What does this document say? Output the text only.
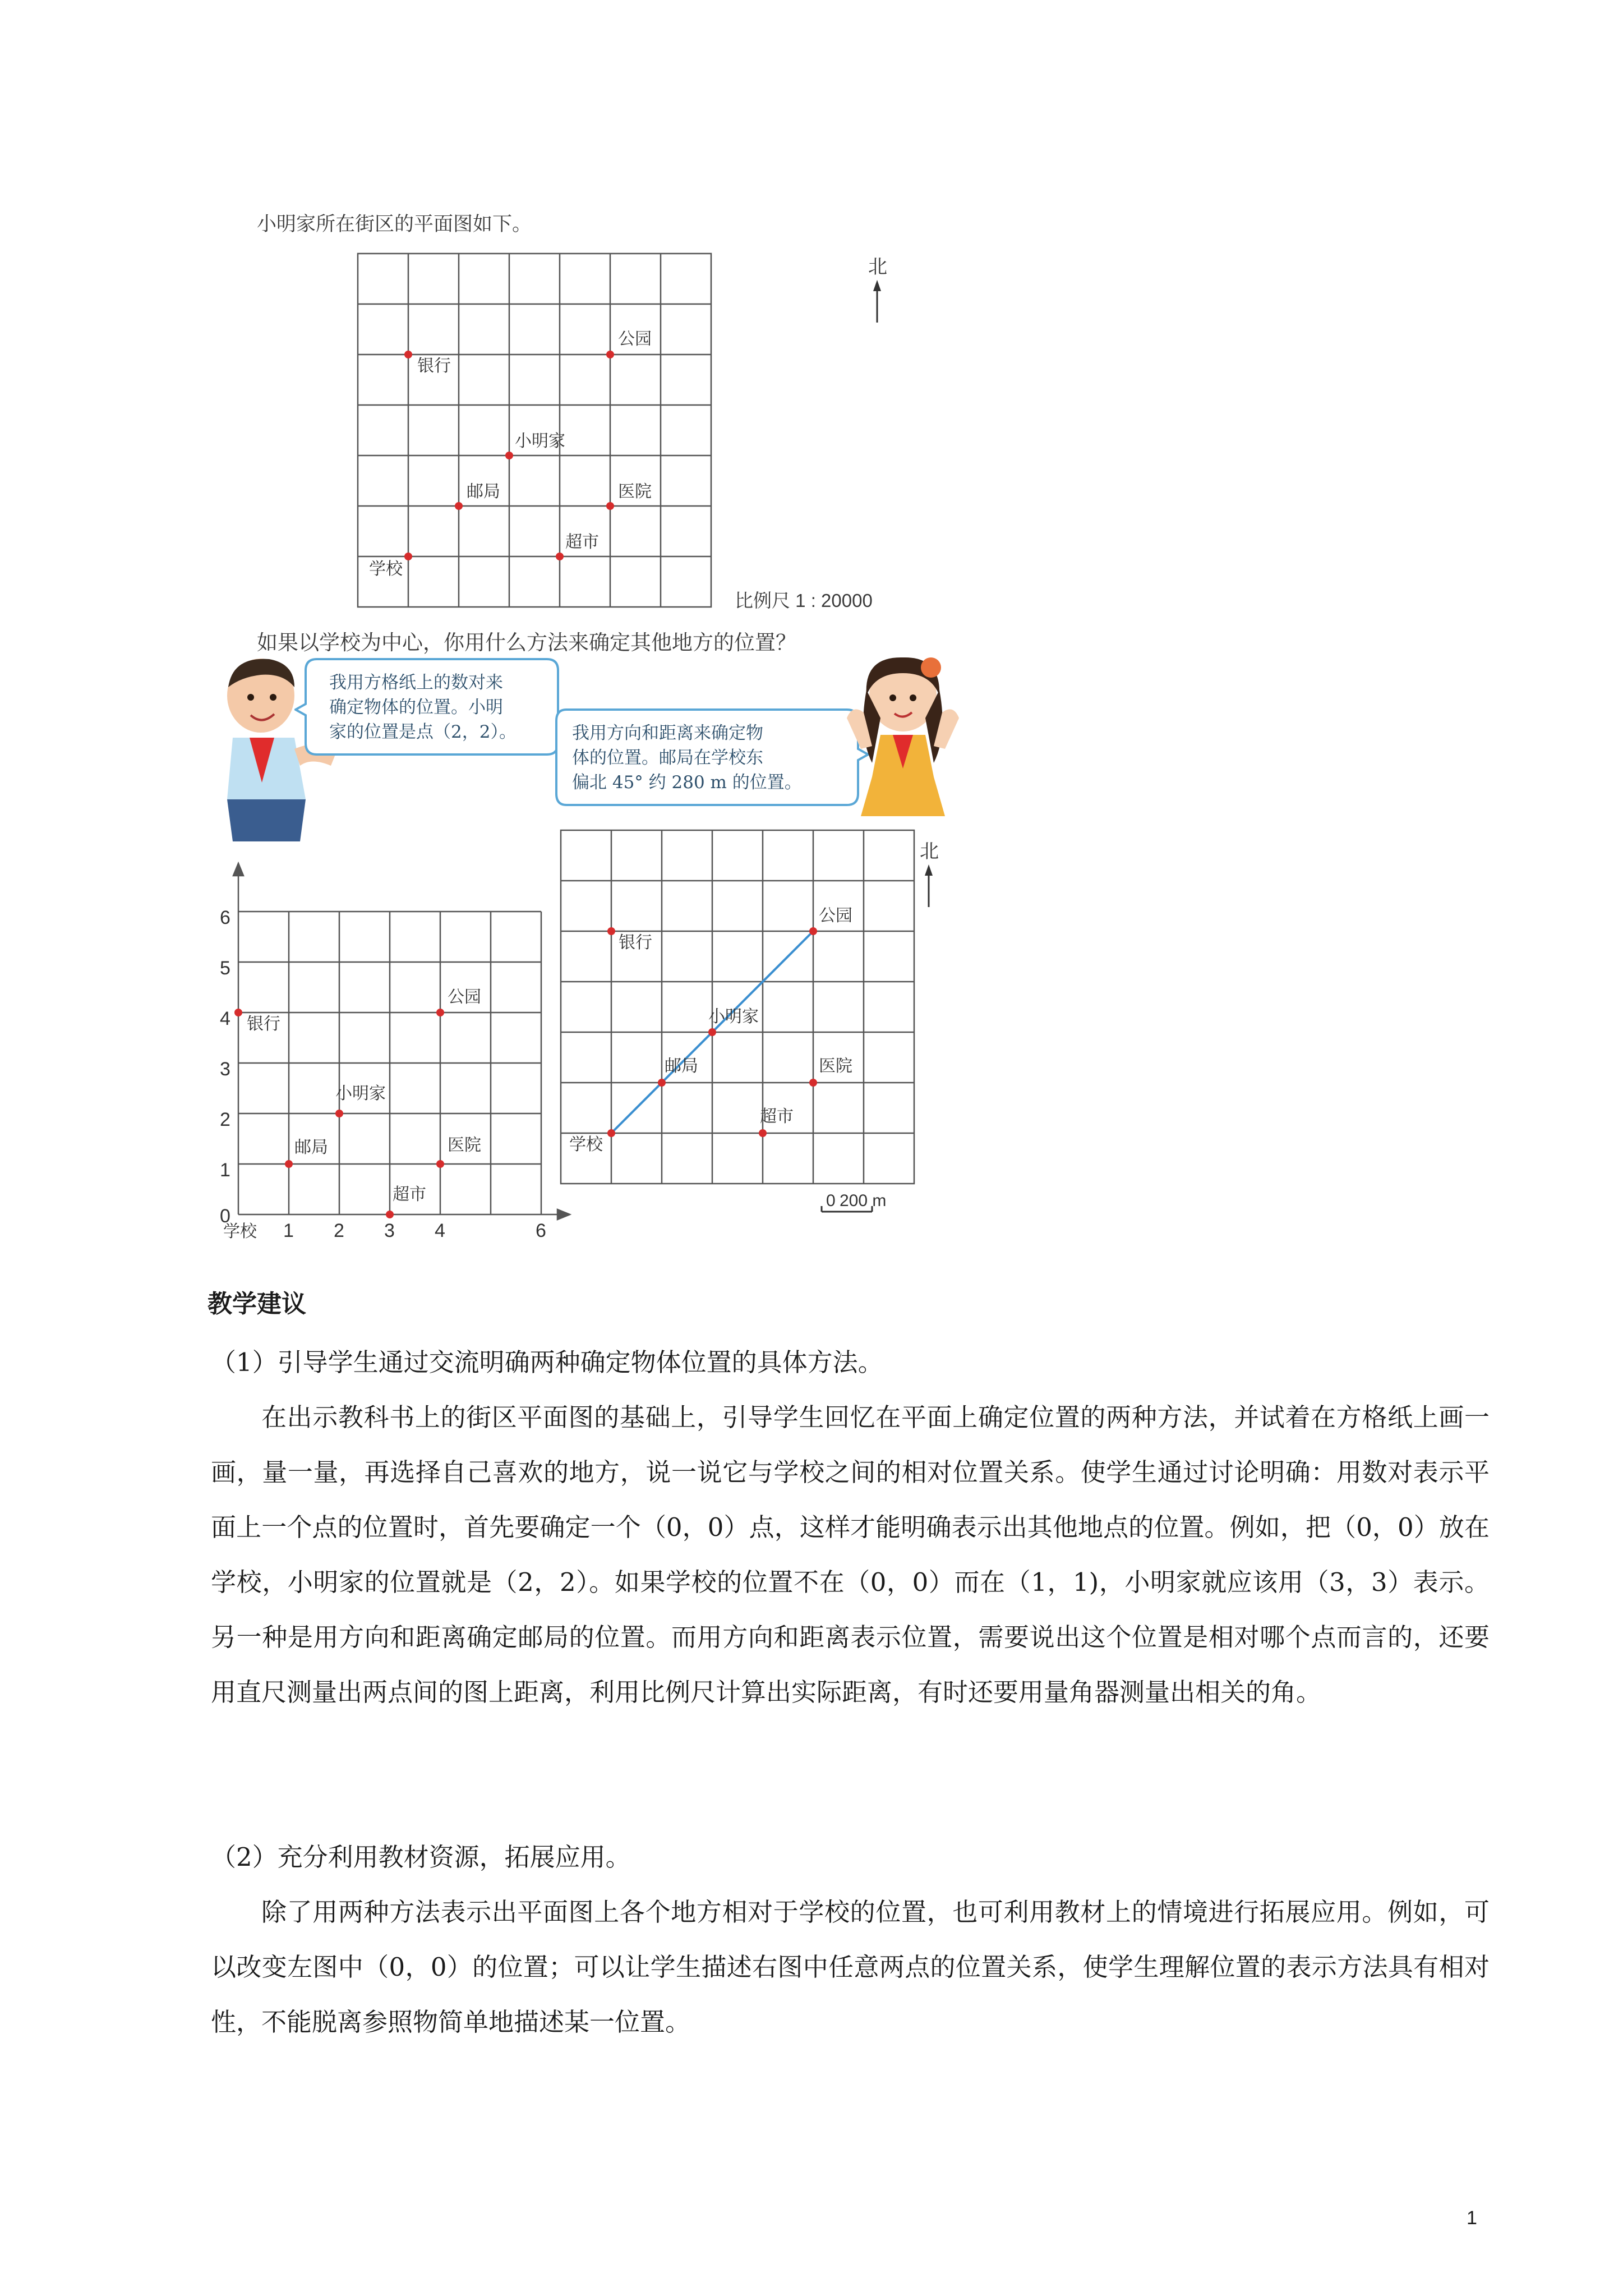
小明家所在街区的平面图如下。
银行
公园
小明家
邮局	医院
超市
学校
北
比例尺 1 : 20000
如果以学校为中心，你用什么方法来确定其他地方的位置？
我用方格纸上的数对来
确定物体的位置。小明
家的位置是点（2，2）。	我用方向和距离来确定物
体的位置。邮局在学校东
偏北 45° 约 280 m 的位置。
6
5
4
3
2
1
0
1 2 3 4	6
银行
公园
小明家
邮局	医院
超市
学校
银行
公园
小明家
邮局	医院
超市
学校
0 200 m
北
教学建议
（1）引导学生通过交流明确两种确定物体位置的具体方法。
在出示教科书上的街区平面图的基础上，引导学生回忆在平面上确定位置的两种方法，并试着在方格纸上画一画，量一量，再选择自己喜欢的地方，说一说它与学校之间的相对位置关系。使学生通过讨论明确：用数对表示平面上一个点的位置时，首先要确定一个（0，0）点，这样才能明确表示出其他地点的位置。例如，把（0，0）放在学校，小明家的位置就是（2，2）。如果学校的位置不在（0，0）而在（1，1)，小明家就应该用（3，3）表示。另一种是用方向和距离确定邮局的位置。而用方向和距离表示位置，需要说出这个位置是相对哪个点而言的，还要用直尺测量出两点间的图上距离，利用比例尺计算出实际距离，有时还要用量角器测量出相关的角。
（2）充分利用教材资源，拓展应用。
除了用两种方法表示出平面图上各个地方相对于学校的位置，也可利用教材上的情境进行拓展应用。例如，可以改变左图中（0，0）的位置；可以让学生描述右图中任意两点的位置关系，使学生理解位置的表示方法具有相对性，不能脱离参照物简单地描述某一位置。
1
